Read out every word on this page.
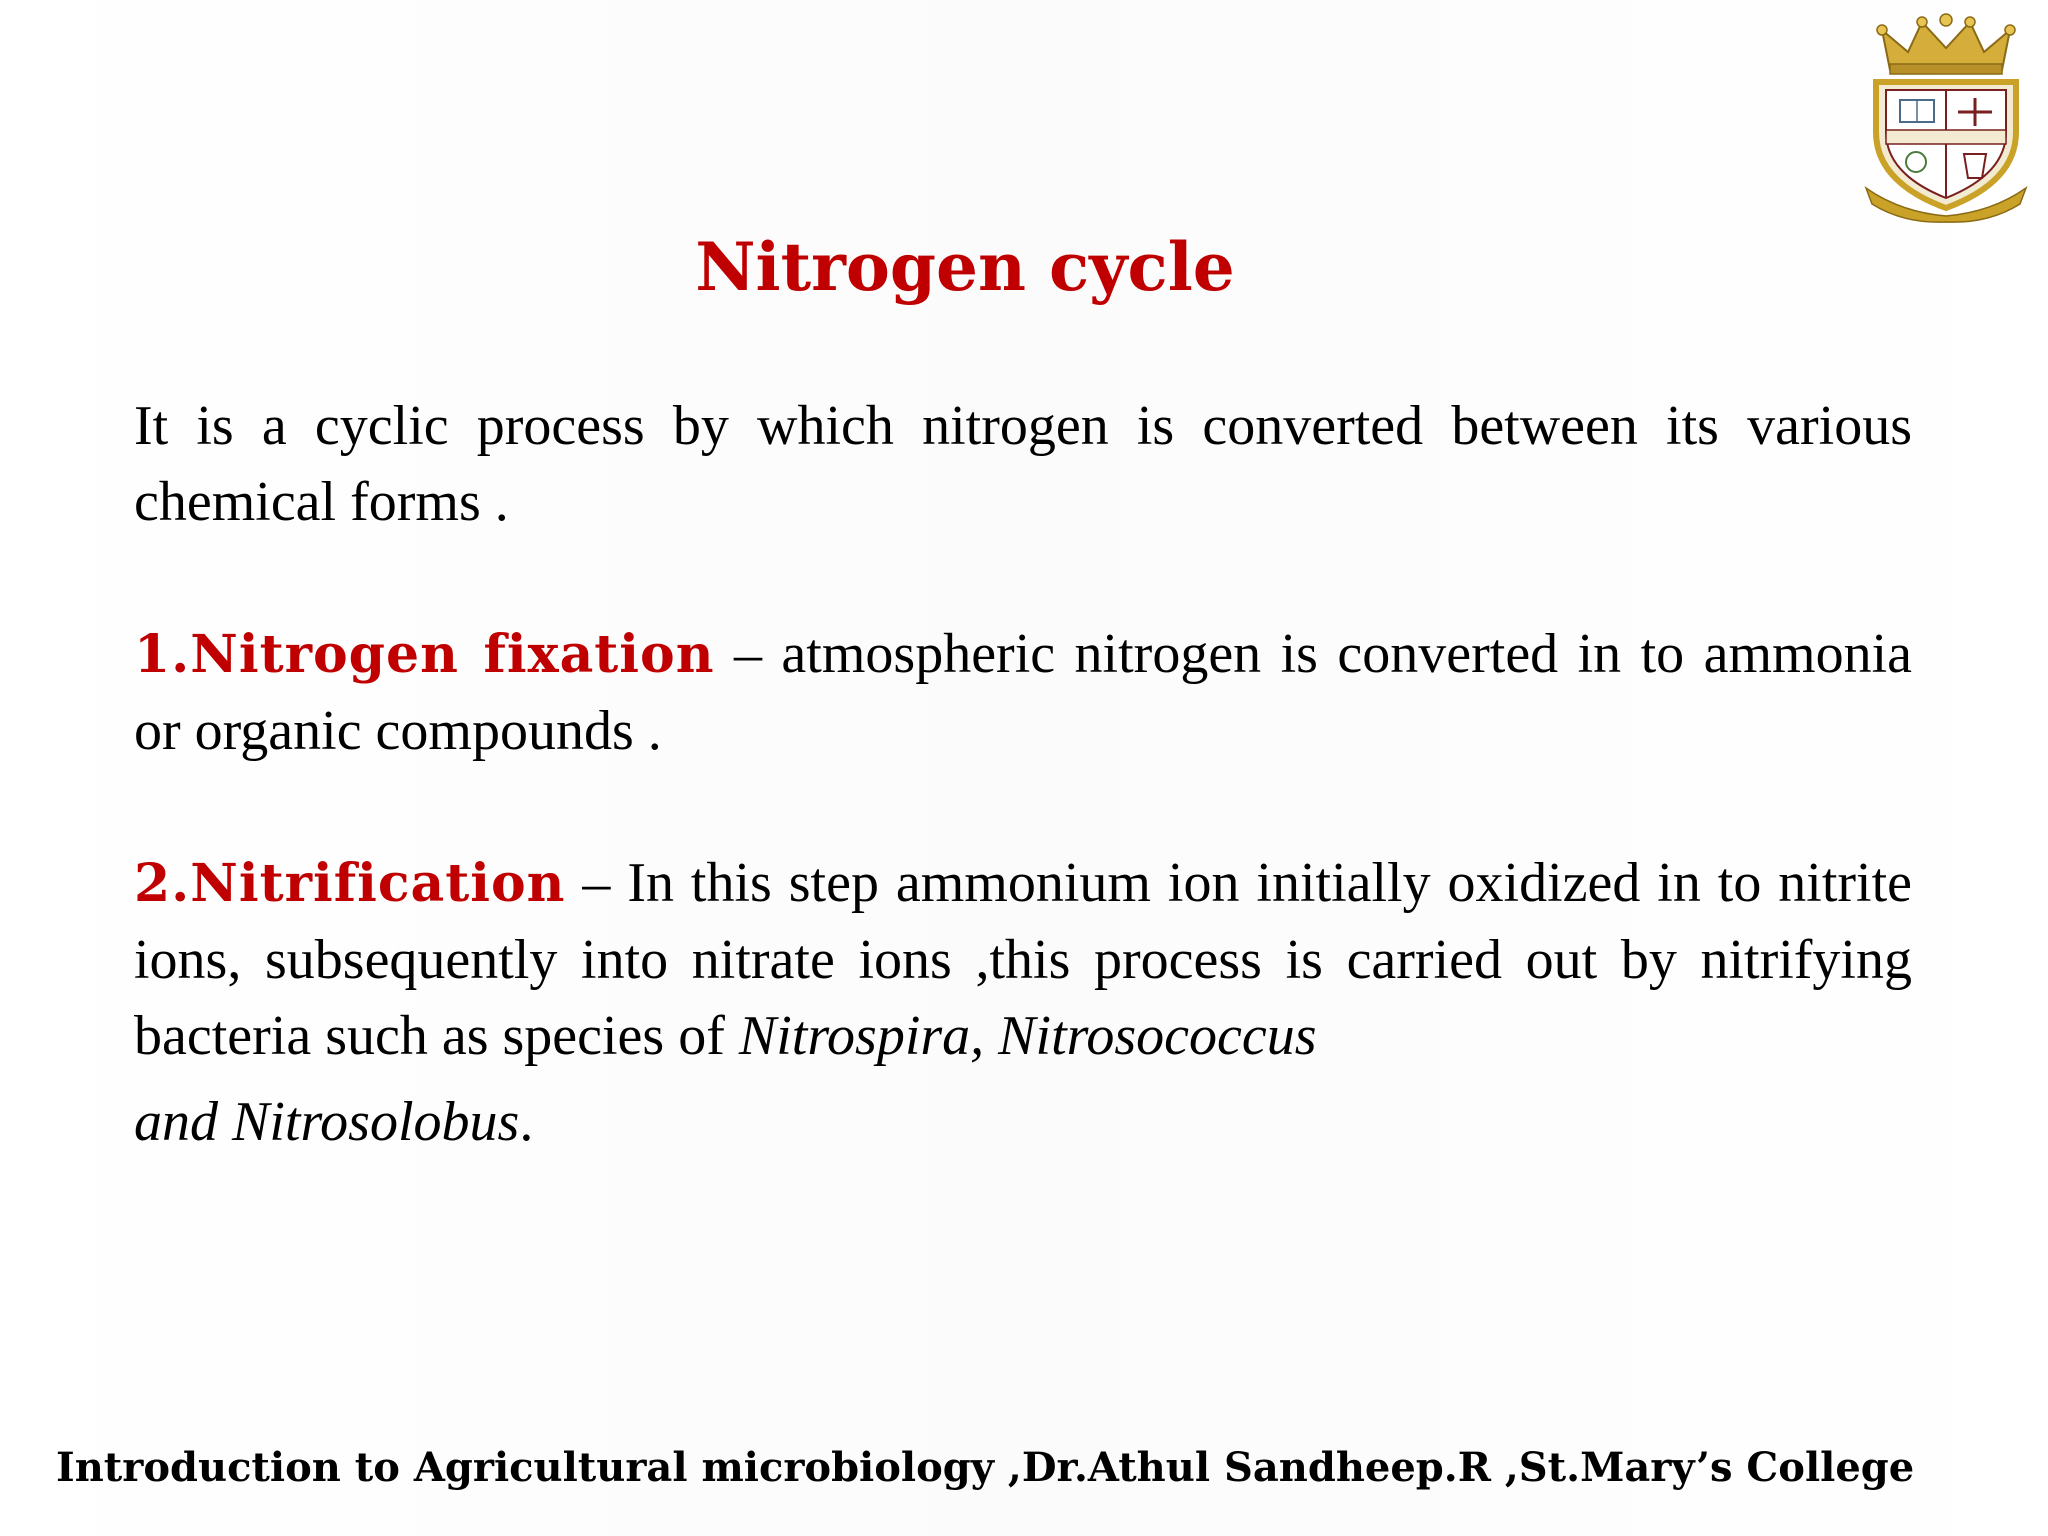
Nitrogen cycle

It is a cyclic process by which nitrogen is converted between its various chemical forms .

1.Nitrogen fixation – atmospheric nitrogen is converted in to ammonia or organic compounds .

2.Nitrification – In this step ammonium ion initially oxidized in to nitrite ions, subsequently into nitrate ions ,this process is carried out by nitrifying bacteria such as species of Nitrospira, Nitrosococcus
and Nitrosolobus.

Introduction to Agricultural microbiology ,Dr.Athul Sandheep.R ,St.Mary’s College
